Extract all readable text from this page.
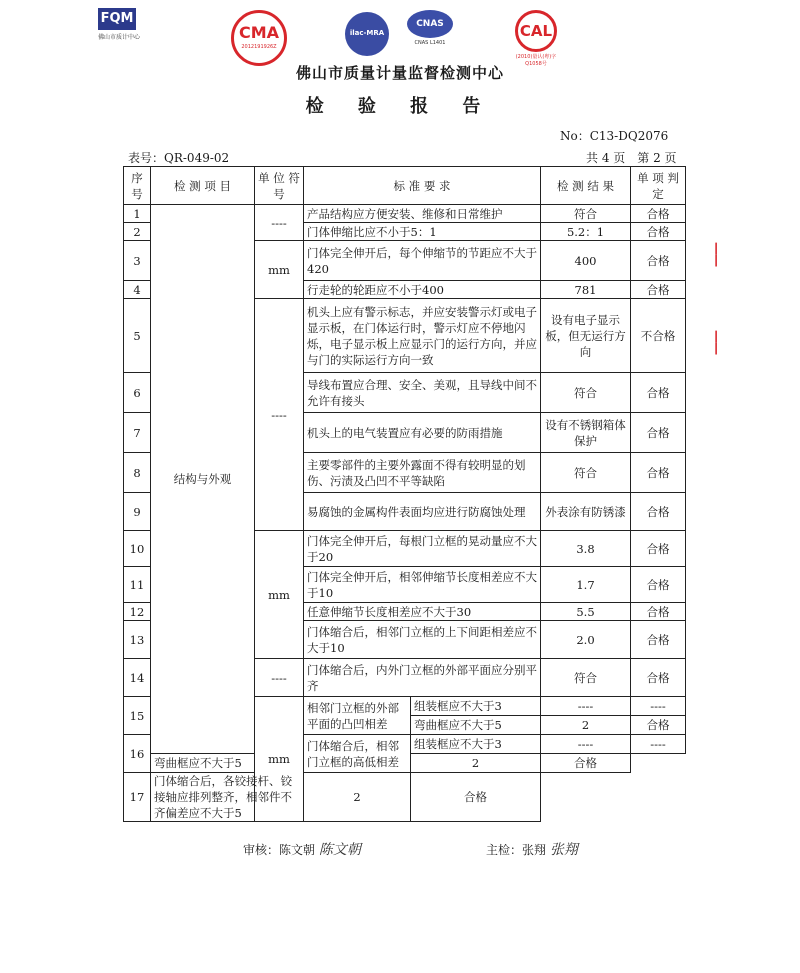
FQM
佛山市质计中心	CMA
2012191926Z
ilac-MRA
CNAS
CNAS L1401
CAL
(2010)量认(粤)字 Q1058号
佛山市质量计量监督检测中心
检 验 报 告
No：C13-DQ2076
表号：QR-049-02	共 4 页　第 2 页
序号	检 测 项 目	单 位 符 号	标 准 要 求		检 测 结 果	单 项 判 定
1	结构与外观	----	产品结构应方便安装、维修和日常维护		符合	合格
2			门体伸缩比应不小于5：1		5.2：1	合格
3		mm	门体完全伸开后，每个伸缩节的节距应不大于420		400	合格
4			行走轮的轮距应不小于400		781	合格
5		----	机头上应有警示标志，并应安装警示灯或电子显示板，在门体运行时，警示灯应不停地闪烁，电子显示板上应显示门的运行方向，并应与门的实际运行方向一致		设有电子显示板，但无运行方向	不合格
6			导线布置应合理、安全、美观，且导线中间不允许有接头		符合	合格
7			机头上的电气装置应有必要的防雨措施		设有不锈钢箱体保护	合格
8			主要零部件的主要外露面不得有较明显的划伤、污渍及凸凹不平等缺陷		符合	合格
9			易腐蚀的金属构件表面均应进行防腐蚀处理		外表涂有防锈漆	合格
10		mm	门体完全伸开后，每根门立框的晃动量应不大于20		3.8	合格
11			门体完全伸开后，相邻伸缩节长度相差应不大于10		1.7	合格
12			任意伸缩节长度相差应不大于30		5.5	合格
13			门体缩合后，相邻门立框的上下间距相差应不大于10		2.0	合格
14		----	门体缩合后，内外门立框的外部平面应分别平齐		符合	合格
15		mm	相邻门立框的外部平面的凸凹相差	组装框应不大于3	----	----
				弯曲框应不大于5	2	合格
16			门体缩合后，相邻门立框的高低相差	组装框应不大于3	----	----
	弯曲框应不大于5			2	合格	
17	门体缩合后，各铰接杆、铰接轴应排列整齐，相邻件不齐偏差应不大于5		2	合格		
审核：陈文朝 陈文朝	主检：张翔 张翔
┃
┃
┃
┃
